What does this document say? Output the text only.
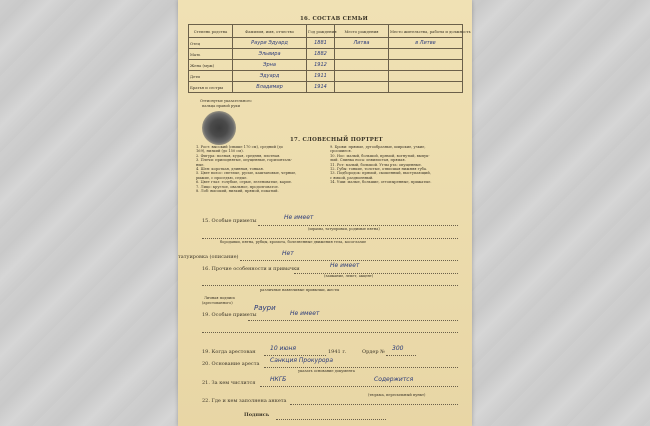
16. СОСТАВ СЕМЬИ
Степень родства	Фамилия, имя, отчество	Год рождения	Место рождения	Место жительства, работы и должность
Отец	Раури Эдуард	1881	Литва	в Литве
Мать	Эльвира	1882		
Жена (муж)	Эрна	1912		
Дети	Эдуард	1911		
Братья и сестры	Владимир	1914		
Оттиснутые указательного
пальца правой руки
17. СЛОВЕСНЫЙ ПОРТРЕТ
1. Рост: высокий (свыше 170 см), средний (до
169), низкий (до 150 см).
2. Фигура: полная, худая, средняя, плотная.
3. Плечи: приподнятые, опущенные, горизонталь-
ные.
4. Шея: короткая, длинная, тонкая.
5. Цвет волос: светлые, русые, каштановые, черные,
рыжие, с проседью, седые.
6. Цвет глаз: голубые, серые, зеленоватые, карие.
7. Лицо: круглое, овальное, продолговатое.
8. Лоб: высокий, низкий, прямой, покатый.
9. Брови: прямые, дугообразные, широкие, узкие,
сросшиеся.
10. Нос: малый, большой, прямой, вогнутый, выпук-
лый. Спинка носа: извилистая, прямая.
11. Рот: малый, большой. Углы рта: опущенные.
12. Губы: тонкие, толстые, отвисшая нижняя губа.
13. Подбородок: прямой, скошенный, выступающий,
с ямкой, раздвоенный.
14. Уши: малые, большие, оттопыренные, прижатые.
15. Особые приметы	Не имеет
(шрамы, татуировки, родимые пятна)
бородавки, пятна, рубцы, хромота, болезненные движения тела, косоглазие
татуировка (описание)	Нет
16. Прочие особенности и привычки	Не имеет
(заикание, лепет, акцент)
различные навязчивые привычки, жесты
Личная подпись
(арестованного)
19. Особые приметы
Раури
Не имеет
19. Когда арестован 10 июня	1941 г.	Ордер № 300
20. Основание ареста Санкция Прокурора
указать основание документа
21. За кем числится НКГБ	Содержится
22. Где и кем заполнена анкета
(тюрьма, пересыльный пункт)
Подпись
